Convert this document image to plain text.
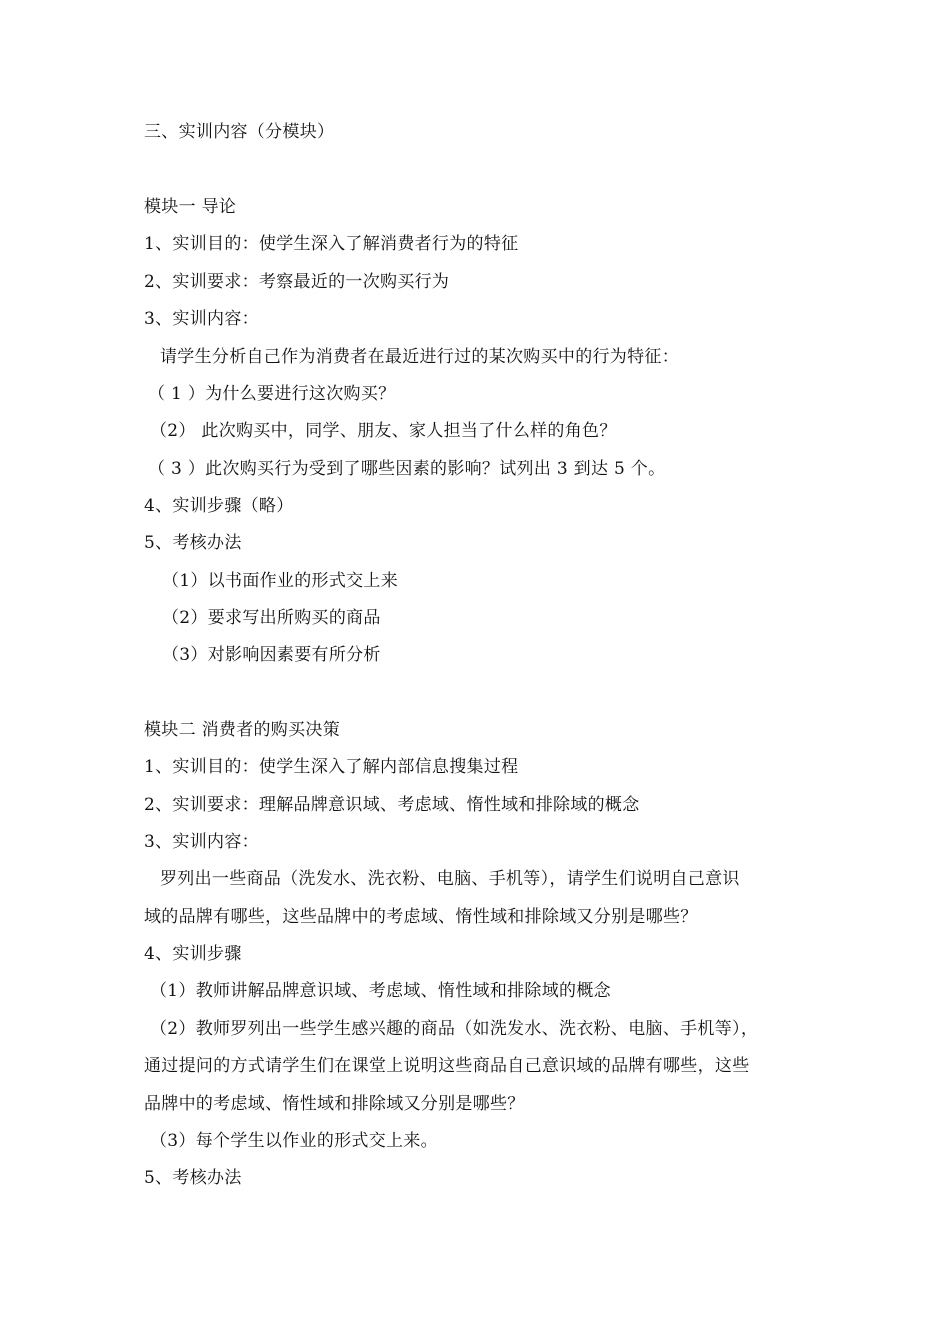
三、实训内容（分模块）
模块一 导论
1、实训目的：使学生深入了解消费者行为的特征
2、实训要求：考察最近的一次购买行为
3、实训内容：
请学生分析自己作为消费者在最近进行过的某次购买中的行为特征：
（ 1 ）为什么要进行这次购买？
（2） 此次购买中，同学、朋友、家人担当了什么样的角色？
（ 3 ）此次购买行为受到了哪些因素的影响？试列出 3 到达 5 个。
4、实训步骤（略）
5、考核办法
（1）以书面作业的形式交上来
（2）要求写出所购买的商品
（3）对影响因素要有所分析
模块二 消费者的购买决策
1、实训目的：使学生深入了解内部信息搜集过程
2、实训要求：理解品牌意识域、考虑域、惰性域和排除域的概念
3、实训内容：
罗列出一些商品（洗发水、洗衣粉、电脑、手机等），请学生们说明自己意识
域的品牌有哪些，这些品牌中的考虑域、惰性域和排除域又分别是哪些？
4、实训步骤
（1）教师讲解品牌意识域、考虑域、惰性域和排除域的概念
（2）教师罗列出一些学生感兴趣的商品（如洗发水、洗衣粉、电脑、手机等），
通过提问的方式请学生们在课堂上说明这些商品自己意识域的品牌有哪些，这些
品牌中的考虑域、惰性域和排除域又分别是哪些？
（3）每个学生以作业的形式交上来。
5、考核办法
